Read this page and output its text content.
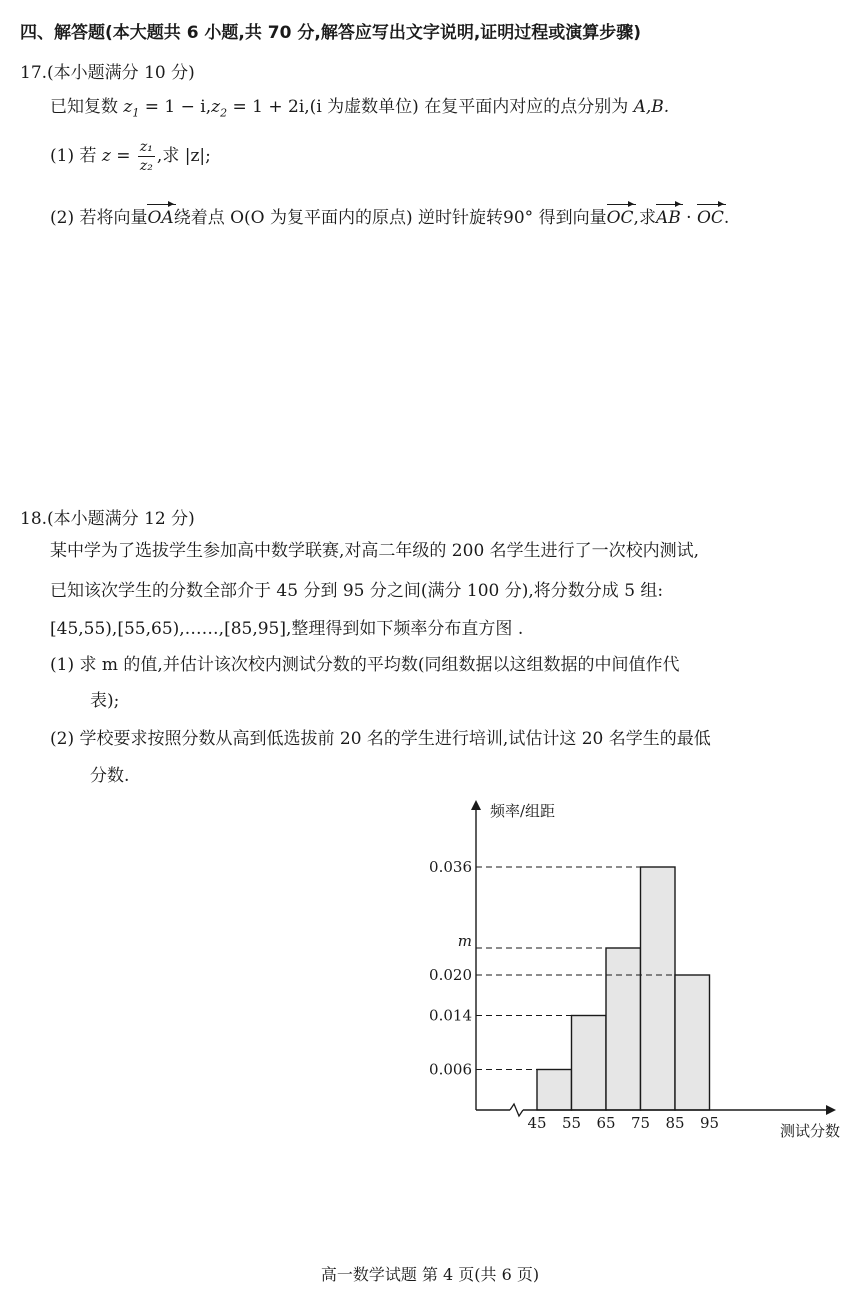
四、解答题(本大题共 6 小题,共 70 分,解答应写出文字说明,证明过程或演算步骤)
17.(本小题满分 10 分)
已知复数 $z_1 = 1 - i,z_2 = 1 + 2i,(i$ 为虚数单位) 在复平面内对应的点分别为 A,B.
(1) 若 $z = \frac{\text{z₁}}{\text{z₂}}$ ,求 |z|;
(2) 若将向量OA绕着点 O(O 为复平面内的原点) 逆时针旋转90° 得到向量OC,求AB · OC.
18.(本小题满分 12 分)
某中学为了选拔学生参加高中数学联赛,对高二年级的 200 名学生进行了一次校内测试,
已知该次学生的分数全部介于 45 分到 95 分之间(满分 100 分),将分数分成 5 组:
[45,55),[55,65),……,[85,95],整理得到如下频率分布直方图 .
(1) 求 m 的值,并估计该次校内测试分数的平均数(同组数据以这组数据的中间值作代
表);
(2) 学校要求按照分数从高到低选拔前 20 名的学生进行培训,试估计这 20 名学生的最低
分数.
0.036
m
0.020
0.014
0.006
45 55 65 75 85 95
频率/组距
测试分数
高一数学试题 第 4 页(共 6 页)
